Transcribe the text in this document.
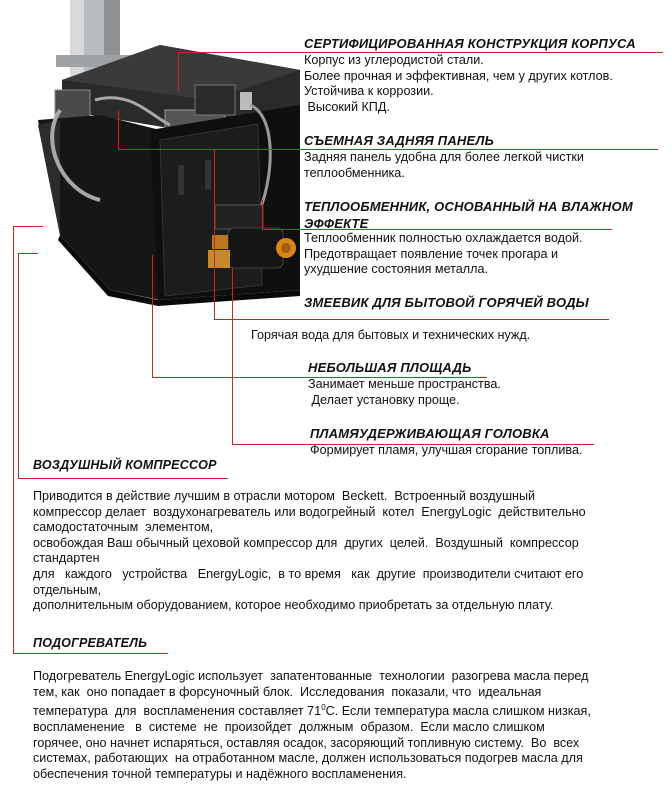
СЕРТИФИЦИРОВАННАЯ КОНСТРУКЦИЯ КОРПУСА
Корпус из углеродистой стали.
Более прочная и эффективная, чем у других котлов.
Устойчива к коррозии.
Высокий КПД.
СЪЕМНАЯ ЗАДНЯЯ ПАНЕЛЬ
Задняя панель удобна для более легкой чистки
теплообменника.
ТЕПЛООБМЕННИК, ОСНОВАННЫЙ НА ВЛАЖНОМ
ЭФФЕКТЕ
Теплообменник полностью охлаждается водой.
Предотвращает появление точек прогара и
ухудшение состояния металла.
ЗМЕЕВИК ДЛЯ БЫТОВОЙ ГОРЯЧЕЙ ВОДЫ
Горячая вода для бытовых и технических нужд.
НЕБОЛЬШАЯ ПЛОЩАДЬ
Занимает меньше пространства.
Делает установку проще.
ПЛАМЯУДЕРЖИВАЮЩАЯ ГОЛОВКА
Формирует пламя, улучшая сгорание топлива.
ВОЗДУШНЫЙ КОМПРЕССОР
Приводится в действие лучшим в отрасли мотором  Beckett.  Встроенный воздушный
компрессор делает  воздухонагреватель или водогрейный  котел  EnergyLogic  действительно
самодостаточным  элементом,
освобождая Ваш обычный цеховой компрессор для  других  целей.  Воздушный  компрессор
стандартен
для   каждого   устройства   EnergyLogic,  в то время   как  другие  производители считают его
отдельным,
дополнительным оборудованием, которое необходимо приобретать за отдельную плату.
ПОДОГРЕВАТЕЛЬ
Подогреватель EnergyLogic использует  запатентованные  технологии  разогрева масла перед
тем, как  оно попадает в форсуночный блок.  Исследования  показали, что  идеальная
температура  для  воспламенения составляет $71^0С$. Если температура масла слишком низкая,
воспламенение   в  системе  не  произойдет  должным  образом.  Если масло слишком
горячее, оно начнет испаряться, оставляя осадок, засоряющий топливную систему.  Во  всех
системах, работающих  на отработанном масле, должен использоваться подогрев масла для
обеспечения точной температуры и надёжного воспламенения.
